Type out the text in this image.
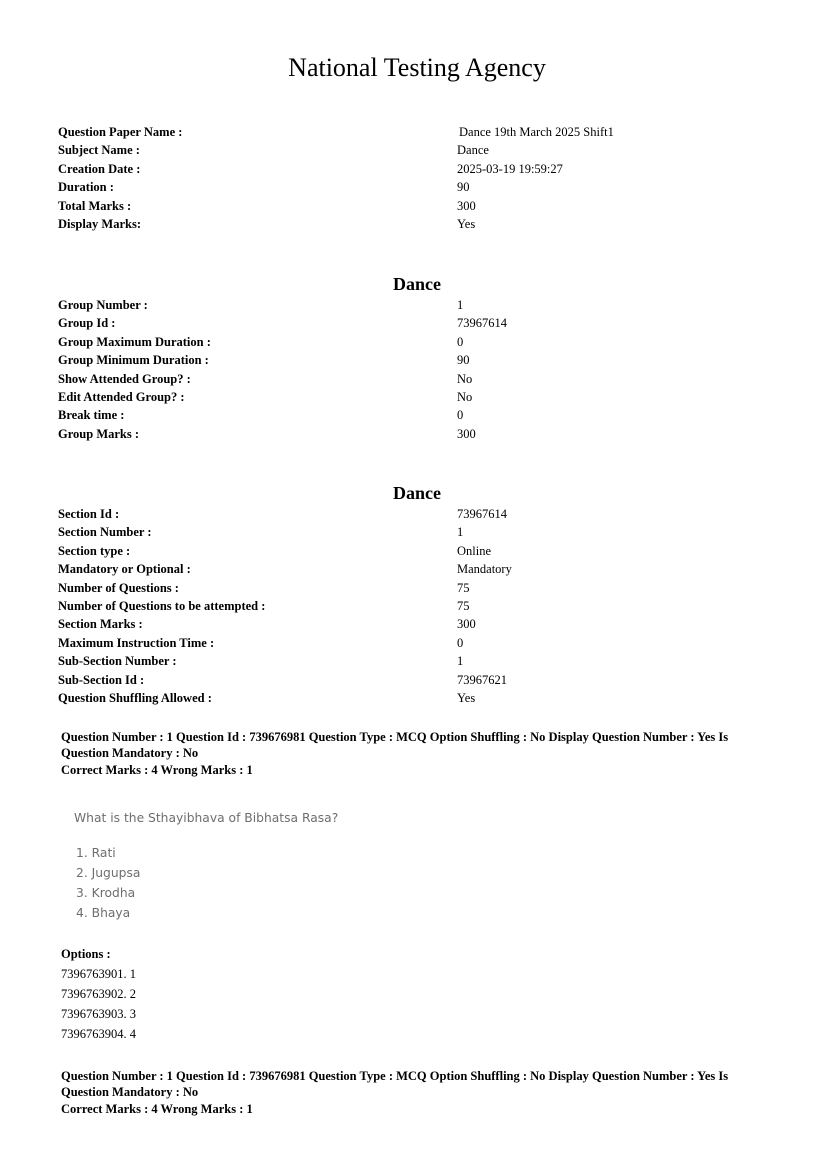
National Testing Agency
Question Paper Name :	Dance 19th March 2025 Shift1
Subject Name :	Dance
Creation Date :	2025-03-19 19:59:27
Duration :	90
Total Marks :	300
Display Marks:	Yes
Dance
Group Number :	1
Group Id :	73967614
Group Maximum Duration :	0
Group Minimum Duration :	90
Show Attended Group? :	No
Edit Attended Group? :	No
Break time :	0
Group Marks :	300
Dance
Section Id :	73967614
Section Number :	1
Section type :	Online
Mandatory or Optional :	Mandatory
Number of Questions :	75
Number of Questions to be attempted :	75
Section Marks :	300
Maximum Instruction Time :	0
Sub-Section Number :	1
Sub-Section Id :	73967621
Question Shuffling Allowed :	Yes
Question Number : 1 Question Id : 739676981 Question Type : MCQ Option Shuffling : No Display Question Number : Yes Is
Question Mandatory : No
Correct Marks : 4 Wrong Marks : 1
What is the Sthayibhava of Bibhatsa Rasa?
1. Rati
2. Jugupsa
3. Krodha
4. Bhaya
Options :
7396763901. 1
7396763902. 2
7396763903. 3
7396763904. 4
Question Number : 1 Question Id : 739676981 Question Type : MCQ Option Shuffling : No Display Question Number : Yes Is
Question Mandatory : No
Correct Marks : 4 Wrong Marks : 1
